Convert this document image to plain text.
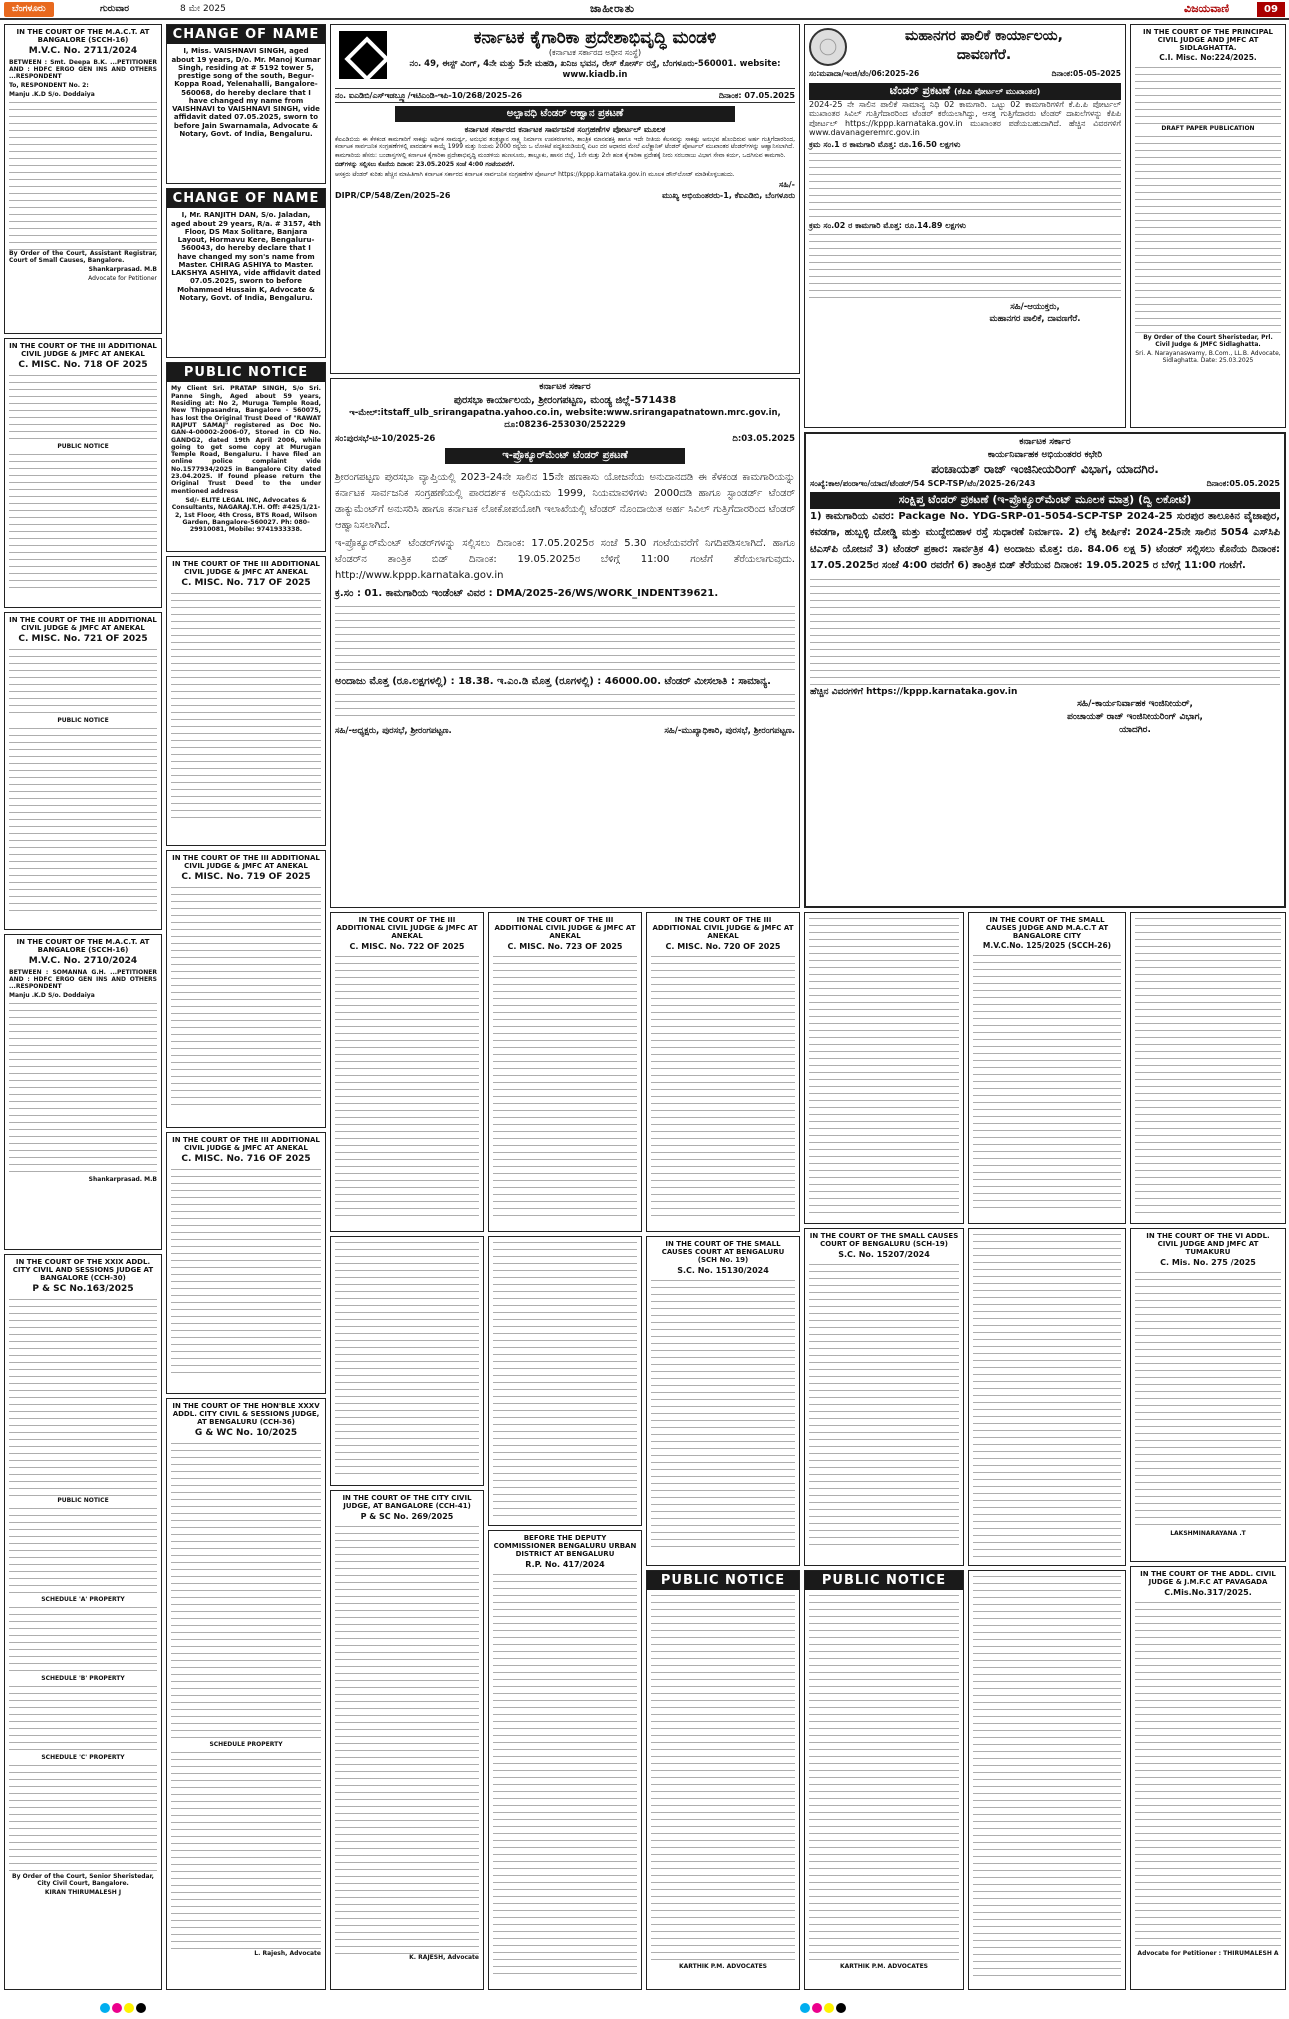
ಬೆಂಗಳೂರು	ಗುರುವಾರ	8 ಮೇ 2025	ಜಾಹೀರಾತು	ವಿಜಯವಾಣಿ	09
IN THE COURT OF THE M.A.C.T. AT BANGALORE (SCCH-16)
M.V.C. No. 2711/2024

BETWEEN : Smt. Deepa B.K. ...PETITIONER AND : HDFC ERGO GEN INS AND OTHERS ...RESPONDENT

To, RESPONDENT No. 2:

Manju .K.D S/o. Doddaiya

By Order of the Court, Assistant Registrar, Court of Small Causes, Bangalore.

Shankarprasad. M.B

Advocate for Petitioner

IN THE COURT OF THE III ADDITIONAL CIVIL JUDGE & JMFC AT ANEKAL
C. MISC. No. 718 OF 2025

PUBLIC NOTICE

IN THE COURT OF THE III ADDITIONAL CIVIL JUDGE & JMFC AT ANEKAL
C. MISC. No. 721 OF 2025

PUBLIC NOTICE

IN THE COURT OF THE M.A.C.T. AT BANGALORE (SCCH-16)
M.V.C. No. 2710/2024

BETWEEN : SOMANNA G.H. ...PETITIONER AND : HDFC ERGO GEN INS AND OTHERS ...RESPONDENT

Manju .K.D S/o. Doddaiya

Shankarprasad. M.B

IN THE COURT OF THE XXIX ADDL. CITY CIVIL AND SESSIONS JUDGE AT BANGALORE (CCH-30)
P & SC No.163/2025

PUBLIC NOTICE

SCHEDULE 'A' PROPERTY

SCHEDULE 'B' PROPERTY

SCHEDULE 'C' PROPERTY

By Order of the Court, Senior Sheristedar, City Civil Court, Bangalore.

KIRAN THIRUMALESH J

CHANGE OF NAME

I, Miss. VAISHNAVI SINGH, aged about 19 years, D/o. Mr. Manoj Kumar Singh, residing at # 5192 tower 5, prestige song of the south, Begur-Koppa Road, Yelenahalli, Bangalore-560068, do hereby declare that I have changed my name from VAISHNAVI to VAISHNAVI SINGH, vide affidavit dated 07.05.2025, sworn to before Jain Swarnamala, Advocate & Notary, Govt. of India, Bengaluru.

CHANGE OF NAME

I, Mr. RANJITH DAN, S/o. Jaladan, aged about 29 years, R/a. # 3157, 4th Floor, DS Max Solitare, Banjara Layout, Hormavu Kere, Bengaluru-560043, do hereby declare that I have changed my son's name from Master. CHIRAG ASHIYA to Master. LAKSHYA ASHIYA, vide affidavit dated 07.05.2025, sworn to before Mohammed Hussain K, Advocate & Notary, Govt. of India, Bengaluru.

PUBLIC NOTICE

My Client Sri. PRATAP SINGH, S/o Sri. Panne Singh, Aged about 59 years, Residing at: No 2, Muruga Temple Road, New Thippasandra, Bangalore - 560075, has lost the Original Trust Deed of "RAWAT RAJPUT SAMAJ" registered as Doc No. GAN-4-00002-2006-07, Stored in CD No. GANDG2, dated 19th April 2006, while going to get some copy at Murugan Temple Road, Bengaluru. I have filed an online police complaint vide No.1577934/2025 in Bangalore City dated 23.04.2025. If found please return the Original Trust Deed to the under mentioned address

Sd/- ELITE LEGAL INC, Advocates & Consultants, NAGARAJ.T.H. Off: #425/1/21-2, 1st Floor, 4th Cross, BTS Road, Wilson Garden, Bangalore-560027. Ph: 080-29910081, Mobile: 9741933338.

IN THE COURT OF THE III ADDITIONAL CIVIL JUDGE & JMFC AT ANEKAL
C. MISC. No. 717 OF 2025
IN THE COURT OF THE III ADDITIONAL CIVIL JUDGE & JMFC AT ANEKAL
C. MISC. No. 719 OF 2025
IN THE COURT OF THE III ADDITIONAL CIVIL JUDGE & JMFC AT ANEKAL
C. MISC. No. 716 OF 2025
IN THE COURT OF THE HON'BLE XXXV ADDL. CITY CIVIL & SESSIONS JUDGE, AT BENGALURU (CCH-36)
G & WC No. 10/2025

SCHEDULE PROPERTY

L. Rajesh, Advocate

ಕರ್ನಾಟಕ ಕೈಗಾರಿಕಾ ಪ್ರದೇಶಾಭಿವೃದ್ಧಿ ಮಂಡಳಿ

(ಕರ್ನಾಟಕ ಸರ್ಕಾರದ ಅಧೀನ ಸಂಸ್ಥೆ)

ನಂ. 49, ಈಸ್ಟ್ ವಿಂಗ್, 4ನೇ ಮತ್ತು 5ನೇ ಮಹಡಿ, ಖನಿಜ ಭವನ, ರೇಸ್ ಕೋರ್ಸ್ ರಸ್ತೆ, ಬೆಂಗಳೂರು-560001. website: www.kiadb.in

ನಂ. ಐಎಡಿಬಿ/ಎಸ್ಇಡಬ್ಲ್ಯೂ/ಇಟಿಎಂಡಿ-ಇಪಿ-10/268/2025-26	ದಿನಾಂಕ: 07.05.2025
ಅಲ್ಪಾವಧಿ ಟೆಂಡರ್ ಆಹ್ವಾನ ಪ್ರಕಟಣೆ

ಕರ್ನಾಟಕ ಸರ್ಕಾರದ ಕರ್ನಾಟಕ ಸಾರ್ವಜನಿಕ ಸಂಗ್ರಹಣೆಗಳ ಪೋರ್ಟಲ್ ಮೂಲಕ

ಕೆಐಎಡಿಬಿಯ ಈ ಕೆಳಕಂಡ ಕಾಮಗಾರಿಗೆ ಸಾಕಷ್ಟು ಅರ್ಥಿಕ ಸಾಮರ್ಥ್ಯ, ಅನುಭವ ತಂತ್ರಜ್ಞಾನ ಸಾಕ್ಷ್ಯ ನಿರ್ಮಾಣ ಉಪಕರಣಗಳು, ತಾಂತ್ರಿಕ ಮಾನವಶಕ್ತಿ ಹಾಗೂ ಇದೇ ರೀತಿಯ ಕೆಲಸವನ್ನು ಸಾಕಷ್ಟು ಅನುಭವ ಹೊಂದಿರುವ ಅರ್ಹ ಗುತ್ತಿಗೆದಾರರಿಂದ, ಕರ್ನಾಟಕ ಸಾರ್ವಜನಿಕ ಸಂಗ್ರಹಣೆಗಳಲ್ಲಿ ಪಾರದರ್ಶಕ ಕಾಯ್ದೆ 1999 ಮತ್ತು ನಿಯಮ 2000 ರನ್ವಯ ಒ ಲೋಕಿಟೆ ಪದ್ಧತಿಯಡಿಯಲ್ಲಿ ಏಟಂ ದರ ಆಧಾರದ ಮೇಲೆ ಎಲೆಕ್ಟ್ರಾನಿಕ್ ಟೆಂಡರ್ ಪೋರ್ಟಲ್ ಮುಖಾಂತರ ಟೆಂಡರ್‌ಗಳನ್ನು ಆಹ್ವಾನಿಸಲಾಗಿದೆ.

ಕಾಮಗಾರಿಯ ಹೆಸರು: ಬಂಡಾಸ್ತಗಳಲ್ಲಿ ಕರ್ನಾಟಕ ಕೈಗಾರಿಕಾ ಪ್ರದೇಶಾಭಿವೃದ್ಧಿ ಮಂಡಳಿಯ ಹುಣಸೂರು, ತಾಲ್ಲೂಕು, ಹಾಸನ ಜಿಲ್ಲೆ, 1ನೇ ಮತ್ತು 2ನೇ ಹಂತ ಕೈಗಾರಿಕಾ ಪ್ರದೇಶಕ್ಕೆ ನೀರು ಸರಬರಾಜು ವಿಭಾಗ ಸೇವಾ ಕರ್ಯ, ಒದಗಿಸುವ ಕಾಮಗಾರಿ.

ಬಿಡ್‌ಗಳನ್ನು ಸಲ್ಲಿಸಲು ಕೊನೆಯ ದಿನಾಂಕ: 23.05.2025 ಸಂಜೆ 4:00 ಗಂಟೆಯವರೆಗೆ.

ಆಸಕ್ತರು ಟೆಂಡರ್ ಕುರಿತು ಹೆಚ್ಚಿನ ಮಾಹಿತಿಗಾಗಿ ಕರ್ನಾಟಕ ಸರ್ಕಾರದ ಕರ್ನಾಟಕ ಸಾರ್ವಜನಿಕ ಸಂಗ್ರಹಣೆಗಳ ಪೋರ್ಟಲ್ https://kppp.karnataka.gov.in ಮೂಲಕ ಡೌನ್‌ಲೋಡ್ ಮಾಡಿಕೊಳ್ಳಬಹುದು.

ಸಹಿ/-

DIPR/CP/548/Zen/2025-26	ಮುಖ್ಯ ಅಭಿಯಂತರರು-1, ಕೆಐಎಡಿಬಿ, ಬೆಂಗಳೂರು

ಕರ್ನಾಟಕ ಸರ್ಕಾರ

ಪುರಸಭಾ ಕಾರ್ಯಾಲಯ, ಶ್ರೀರಂಗಪಟ್ಟಣ, ಮಂಡ್ಯ ಜಿಲ್ಲೆ-571438

ಇ-ಮೇಲ್:itstaff_ulb_srirangapatna.yahoo.co.in, website:www.srirangapatnatown.mrc.gov.in,

ದೂ:08236-253030/252229

ಸಂ:ಪುರಸಭೆ-ಟಿ-10/2025-26	ದಿ:03.05.2025
ಇ-ಪ್ರೊಕ್ಯೂರ್‌ಮೆಂಟ್ ಟೆಂಡರ್ ಪ್ರಕಟಣೆ

ಶ್ರೀರಂಗಪಟ್ಟಣ ಪುರಸಭಾ ವ್ಯಾಪ್ತಿಯಲ್ಲಿ 2023-24ನೇ ಸಾಲಿನ 15ನೇ ಹಣಕಾಸು ಯೋಜನೆಯ ಅನುದಾನದಡಿ ಈ ಕೆಳಕಂಡ ಕಾಮಗಾರಿಯನ್ನು ಕರ್ನಾಟಕ ಸಾರ್ವಜನಿಕ ಸಂಗ್ರಹಣೆಯಲ್ಲಿ ಪಾರದರ್ಶಕ ಅಧಿನಿಯಮ 1999, ನಿಯಮಾವಳಿಗಳು 2000ದಡಿ ಹಾಗೂ ಸ್ಟಾಂಡರ್ಡ್ ಟೆಂಡರ್ ಡಾಕ್ಯುಮೆಂಟ್‌ಗೆ ಅನುಸರಿಸಿ ಹಾಗೂ ಕರ್ನಾಟಕ ಲೋಕೋಪಯೋಗಿ ಇಲಾಖೆಯಲ್ಲಿ ಟೆಂಡರ್ ನೊಂದಾಯಿತ ಅರ್ಹ ಸಿವಿಲ್ ಗುತ್ತಿಗೆದಾರರಿಂದ ಟೆಂಡರ್ ಆಹ್ವಾನಿಸಲಾಗಿದೆ.

ಇ-ಪ್ರೊಕ್ಯೂರ್‌ಮೆಂಟ್ ಟೆಂಡರ್‌ಗಳನ್ನು ಸಲ್ಲಿಸಲು ದಿನಾಂಕ: 17.05.2025ರ ಸಂಜೆ 5.30 ಗಂಟೆಯವರೆಗೆ ನಿಗದಿಪಡಿಸಲಾಗಿದೆ. ಹಾಗೂ ಟೆಂಡರ್‌ನ ತಾಂತ್ರಿಕ ಬಿಡ್ ದಿನಾಂಕ: 19.05.2025ರ ಬೆಳಿಗ್ಗೆ 11:00 ಗಂಟೆಗೆ ತೆರೆಯಲಾಗುವುದು. http://www.kppp.karnataka.gov.in

ಕ್ರ.ಸಂ : 01. ಕಾಮಗಾರಿಯ ಇಂಡೆಂಟ್ ವಿವರ : DMA/2025-26/WS/WORK_INDENT39621.

ಅಂದಾಜು ಮೊತ್ತ (ರೂ.ಲಕ್ಷಗಳಲ್ಲಿ) : 18.38. ಇ.ಎಂ.ಡಿ ಮೊತ್ತ (ರೂಗಳಲ್ಲಿ) : 46000.00. ಟೆಂಡರ್ ಮೀಸಲಾತಿ : ಸಾಮಾನ್ಯ.

ಸಹಿ/-ಅಧ್ಯಕ್ಷರು, ಪುರಸಭೆ, ಶ್ರೀರಂಗಪಟ್ಟಣ.	ಸಹಿ/-ಮುಖ್ಯಾಧಿಕಾರಿ, ಪುರಸಭೆ, ಶ್ರೀರಂಗಪಟ್ಟಣ.

ಮಹಾನಗರ ಪಾಲಿಕೆ ಕಾರ್ಯಾಲಯ,

ದಾವಣಗೆರೆ.

ಸಂ:ಮಪಾದಾ/ಇಂಜಿ/ಟೆಂ/06:2025-26	ದಿನಾಂಕ:05-05-2025
ಟೆಂಡರ್ ಪ್ರಕಟಣೆ (ಕೆಪಿಪಿ ಪೋರ್ಟಲ್ ಮುಖಾಂತರ)

2024-25 ನೇ ಸಾಲಿನ ಪಾಲಿಕೆ ಸಾಮಾನ್ಯ ನಿಧಿ 02 ಕಾಮಗಾರಿ. ಒಟ್ಟು 02 ಕಾಮಗಾರಿಗಳಿಗೆ ಕೆ.ಪಿ.ಪಿ ಪೋರ್ಟಲ್ ಮುಖಾಂತರ ಸಿವಿಲ್ ಗುತ್ತಿಗೆದಾರರಿಂದ ಟೆಂಡರ್ ಕರೆಯಲಾಗಿದ್ದು, ಆಸಕ್ತ ಗುತ್ತಿಗೆದಾರರು ಟೆಂಡರ್ ದಾಖಲೆಗಳನ್ನು ಕೆಪಿಪಿ ಪೋರ್ಟಲ್ https://kppp.karnataka.gov.in ಮುಖಾಂತರ ಪಡೆಯಬಹುದಾಗಿದೆ. ಹೆಚ್ಚಿನ ವಿವರಗಳಿಗೆ www.davanageremrc.gov.in

ಕ್ರಮ ಸಂ.1 ರ ಕಾಮಗಾರಿ ಮೊತ್ತ: ರೂ.16.50 ಲಕ್ಷಗಳು

ಕ್ರಮ ಸಂ.02 ರ ಕಾಮಗಾರಿ ಮೊತ್ತ: ರೂ.14.89 ಲಕ್ಷಗಳು

ಸಹಿ/-ಆಯುಕ್ತರು,

ಮಹಾನಗರ ಪಾಲಿಕೆ, ದಾವಣಗೆರೆ.

ಕರ್ನಾಟಕ ಸರ್ಕಾರ

ಕಾರ್ಯನಿರ್ವಾಹಕ ಅಭಿಯಂತರರ ಕಛೇರಿ

ಪಂಚಾಯತ್ ರಾಜ್ ಇಂಜಿನೀಯರಿಂಗ್ ವಿಭಾಗ, ಯಾದಗಿರ.

ಸಂಖ್ಯೆ:ಕಾಅ/ಪಂರಾಇಂ/ಯಾದ/ಟೆಂಡರ್/54 SCP-TSP/ಟೆಂ/2025-26/243	ದಿನಾಂಕ:05.05.2025
ಸಂಕ್ಷಿಪ್ತ ಟೆಂಡರ್ ಪ್ರಕಟಣೆ (ಇ-ಪ್ರೊಕ್ಯೂರ್‌ಮೆಂಟ್ ಮೂಲಕ ಮಾತ್ರ) (ದ್ವಿ ಲಕೋಟೆ)

1) ಕಾಮಗಾರಿಯ ವಿವರ: Package No. YDG-SRP-01-5054-SCP-TSP 2024-25 ಸುರಪುರ ತಾಲೂಕಿನ ವೈಜಾಪುರ, ಕವಡಗಾ, ಹುಬ್ಬಳ್ಳಿ ದೋಡ್ಡಿ ಮತ್ತು ಮುದ್ದೇಬಿಹಾಳ ರಸ್ತೆ ಸುಧಾರಣೆ ನಿರ್ಮಾಣ. 2) ಲೆಕ್ಕ ಶೀರ್ಷಿಕೆ: 2024-25ನೇ ಸಾಲಿನ 5054 ಎಸ್‌ಸಿಪಿ ಟಿಎಸ್‌ಪಿ ಯೋಜನೆ 3) ಟೆಂಡರ್ ಪ್ರಕಾರ: ಸಾರ್ವತ್ರಿಕ 4) ಅಂದಾಜು ಮೊತ್ತ: ರೂ. 84.06 ಲಕ್ಷ 5) ಟೆಂಡರ್ ಸಲ್ಲಿಸಲು ಕೊನೆಯ ದಿನಾಂಕ: 17.05.2025ರ ಸಂಜೆ 4:00 ರವರೆಗೆ 6) ತಾಂತ್ರಿಕ ಬಿಡ್ ತೆರೆಯುವ ದಿನಾಂಕ: 19.05.2025 ರ ಬೆಳಿಗ್ಗೆ 11:00 ಗಂಟೆಗೆ.

ಹೆಚ್ಚಿನ ವಿವರಗಳಿಗೆ https://kppp.karnataka.gov.in

ಸಹಿ/-ಕಾರ್ಯನಿರ್ವಾಹಕ ಇಂಜಿನೀಯರ್,

ಪಂಚಾಯತ್ ರಾಜ್ ಇಂಜಿನೀಯರಿಂಗ್ ವಿಭಾಗ,

ಯಾದಗಿರ.

IN THE COURT OF THE PRINCIPAL CIVIL JUDGE AND JMFC AT SIDLAGHATTA.
C.I. Misc. No:224/2025.

DRAFT PAPER PUBLICATION

By Order of the Court Sheristedar, Prl. Civil Judge & JMFC Sidlaghatta.

Sri. A. Narayanaswamy, B.Com., LL.B. Advocate, Sidlaghatta. Date: 25.03.2025

IN THE COURT OF THE III ADDITIONAL CIVIL JUDGE & JMFC AT ANEKAL
C. MISC. No. 722 OF 2025
IN THE COURT OF THE III ADDITIONAL CIVIL JUDGE & JMFC AT ANEKAL
C. MISC. No. 723 OF 2025
IN THE COURT OF THE III ADDITIONAL CIVIL JUDGE & JMFC AT ANEKAL
C. MISC. No. 720 OF 2025
IN THE COURT OF THE SMALL CAUSES JUDGE AND M.A.C.T AT BANGALORE CITY
M.V.C.No. 125/2025 (SCCH-26)
IN THE COURT OF THE SMALL CAUSES COURT AT BENGALURU (SCH No. 19)
S.C. No. 15130/2024
IN THE COURT OF THE SMALL CAUSES COURT OF BENGALURU (SCH-19)
S.C. No. 15207/2024
IN THE COURT OF THE VI ADDL. CIVIL JUDGE AND JMFC AT TUMAKURU
C. Mis. No. 275 /2025

LAKSHMINARAYANA .T

IN THE COURT OF THE CITY CIVIL JUDGE, AT BANGALORE (CCH-41)
P & SC No. 269/2025

K. RAJESH, Advocate

BEFORE THE DEPUTY COMMISSIONER BENGALURU URBAN DISTRICT AT BENGALURU
R.P. No. 417/2024
PUBLIC NOTICE

KARTHIK P.M. ADVOCATES

PUBLIC NOTICE

KARTHIK P.M. ADVOCATES

IN THE COURT OF THE ADDL. CIVIL JUDGE & J.M.F.C AT PAVAGADA
C.Mis.No.317/2025.

Advocate for Petitioner : THIRUMALESH A
